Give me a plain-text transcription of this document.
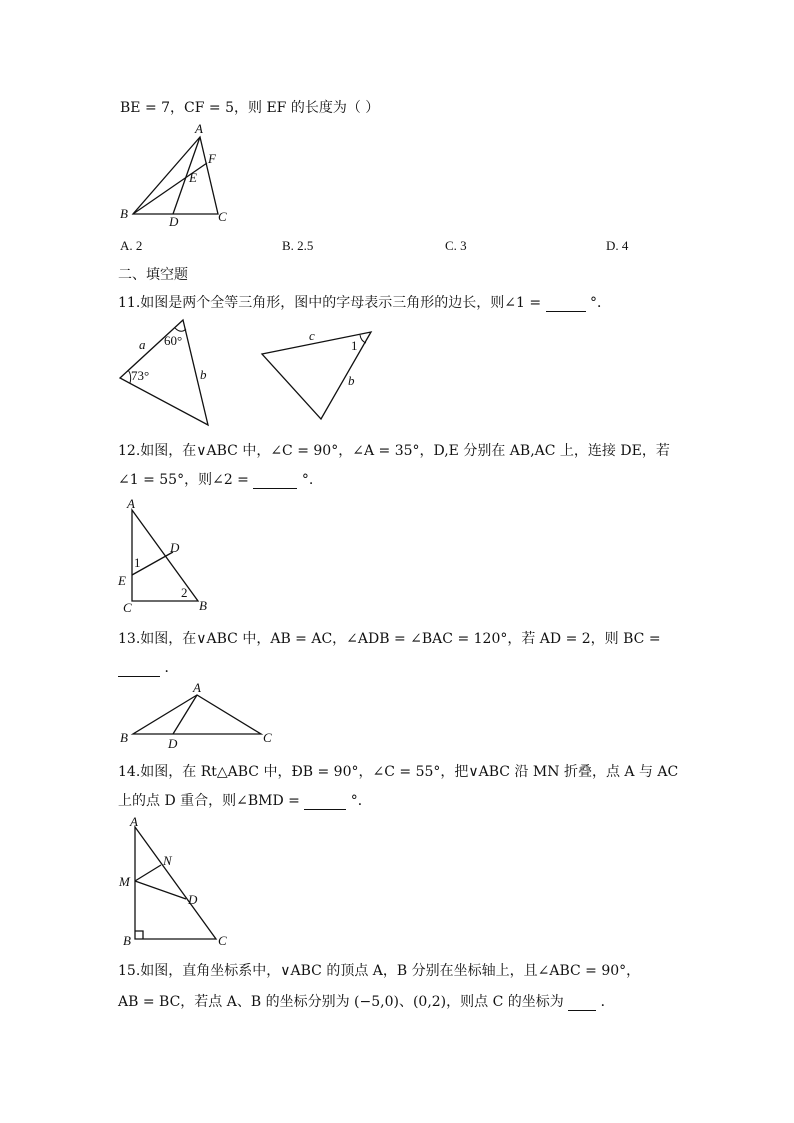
BE = 7，CF = 5，则 EF 的长度为（ ）
A
B	C
D
E
F
A. 2	B. 2.5	C. 3	D. 4
二、填空题
11.如图是两个全等三角形，图中的字母表示三角形的边长，则∠1 =	°．
a 60°
73°	b
c
1
b
12.如图，在∨ABC 中，∠C = 90°，∠A = 35°，D,E 分别在 AB,AC 上，连接 DE，若
∠1 = 55°，则∠2 =	°.
A
D
E
1
C
2
B
13.如图，在∨ABC 中，AB = AC，∠ADB = ∠BAC = 120°，若 AD = 2，则 BC =
．
A
B	D	C
14.如图，在 Rt△ABC 中，ÐB = 90°，∠C = 55°，把∨ABC 沿 MN 折叠，点 A 与 AC
上的点 D 重合，则∠BMD =	°．
A
N
M
D
B	C
15.如图，直角坐标系中，∨ABC 的顶点 A，B 分别在坐标轴上，且∠ABC = 90°，
AB = BC，若点 A、B 的坐标分别为 (−5,0)、(0,2)，则点 C 的坐标为	．
